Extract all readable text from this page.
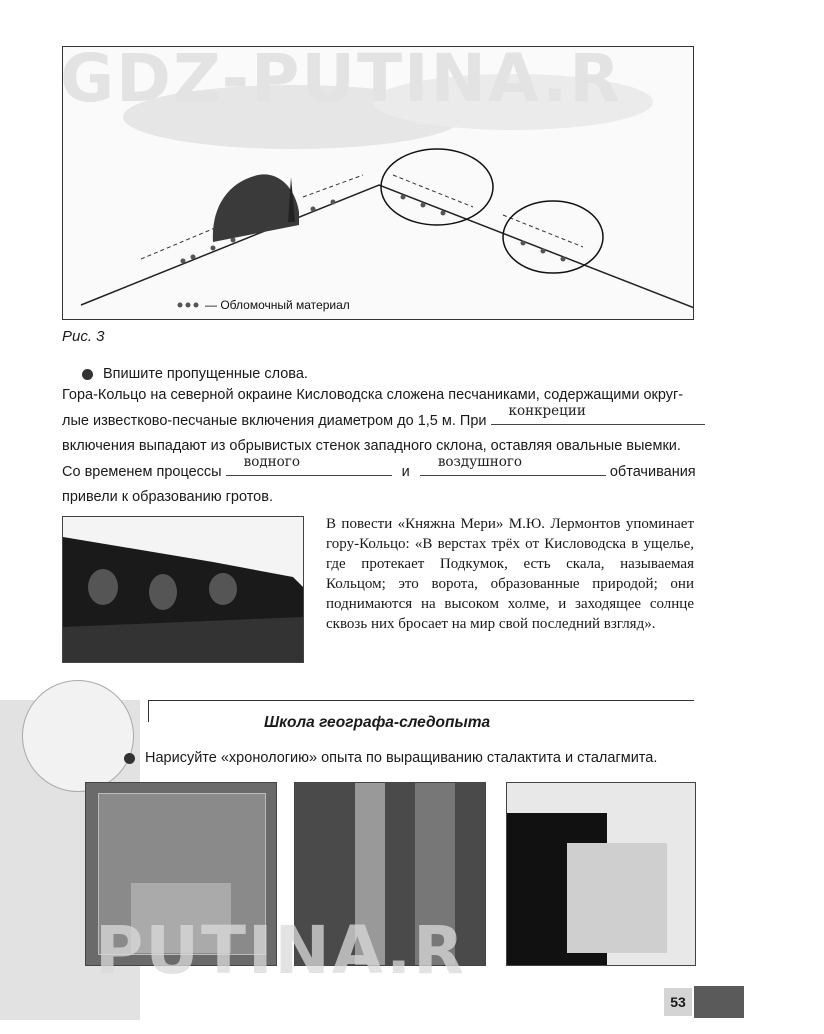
— Обломочный материал
GDZ-PUTINA.R
Рис. 3
Впишите пропущенные слова.
Гора-Кольцо на северной окраине Кисловодска сложена песчаниками, содержащими округ-
лые известково-песчаные включения диаметром до 1,5 м. При
конкреции
включения выпадают из обрывистых стенок западного склона, оставляя овальные выемки.
Со временем процессы
водного
и
воздушного
обтачивания
привели к образованию гротов.
В повести «Княжна Мери» М.Ю. Лермонтов упоминает гору-Кольцо: «В верстах трёх от Кисловодска в ущелье, где протекает Подкумок, есть скала, называемая Кольцом; это ворота, образованные природой; они поднимаются на высоком холме, и заходящее солнце сквозь них бросает на мир свой последний взгляд».
Школа географа-следопыта
Нарисуйте «хронологию» опыта по выращиванию сталактита и сталагмита.
PUTINA.R
53
